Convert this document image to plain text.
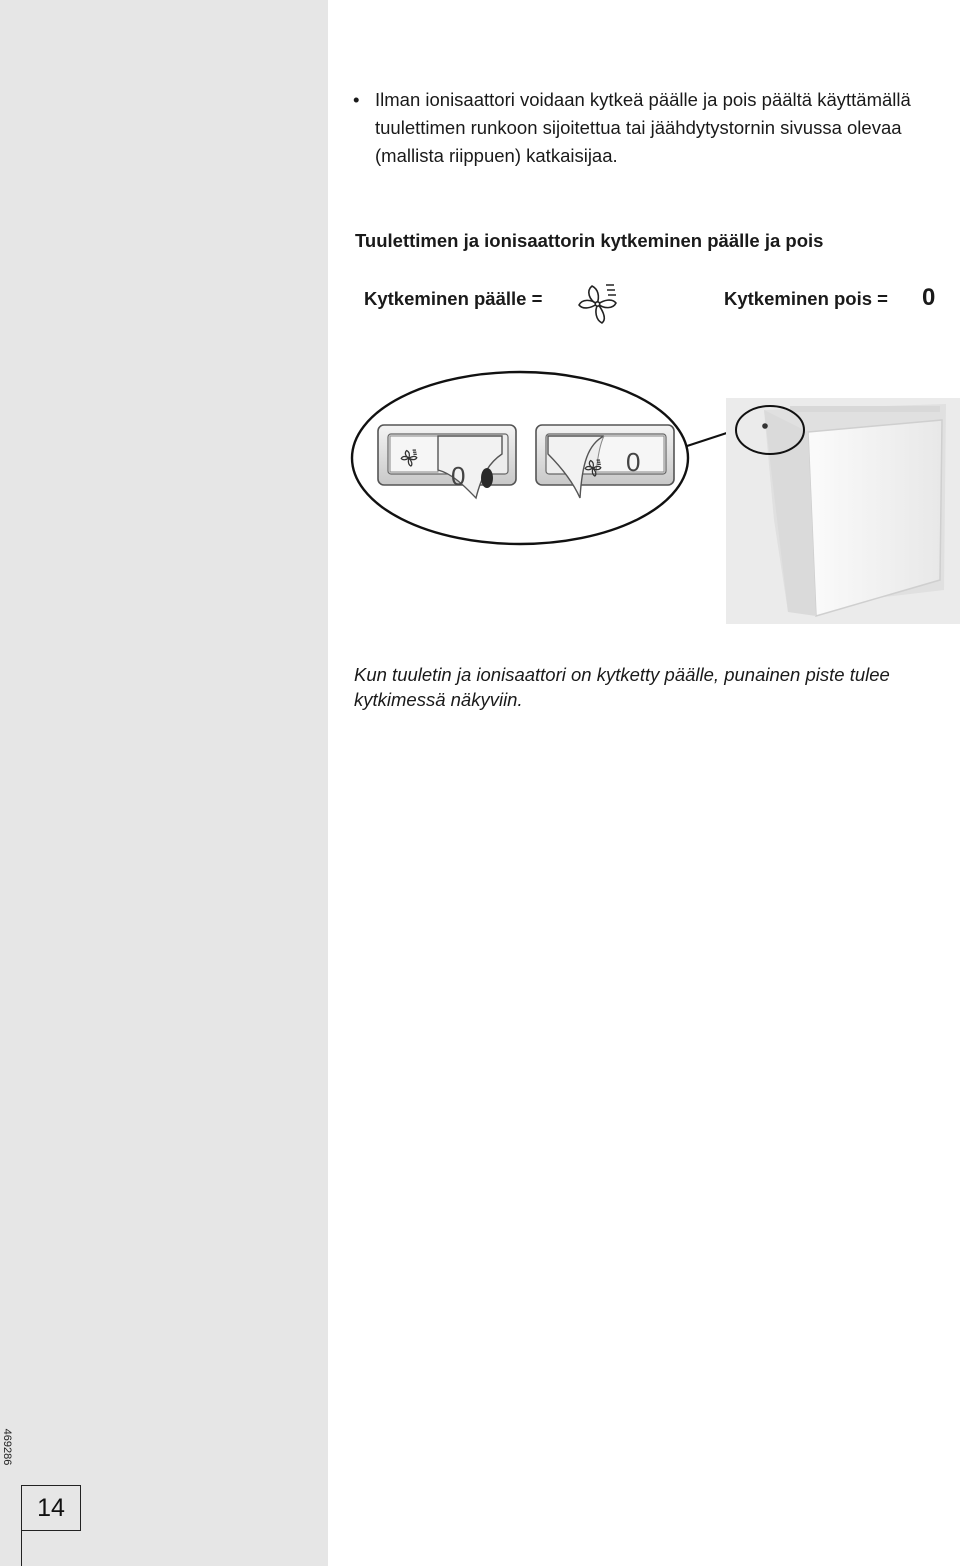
469286
14
• Ilman ionisaattori voidaan kytkeä päälle ja pois päältä käyttämällä tuulettimen runkoon sijoitettua tai jäähdytystornin sivussa olevaa (mallista riippuen) katkaisijaa.
Tuulettimen ja ionisaattorin kytkeminen päälle ja pois
Kytkeminen päälle =	Kytkeminen pois = 0
0	0
Kun tuuletin ja ionisaattori on kytketty päälle, punainen piste tulee kytkimessä näkyviin.
